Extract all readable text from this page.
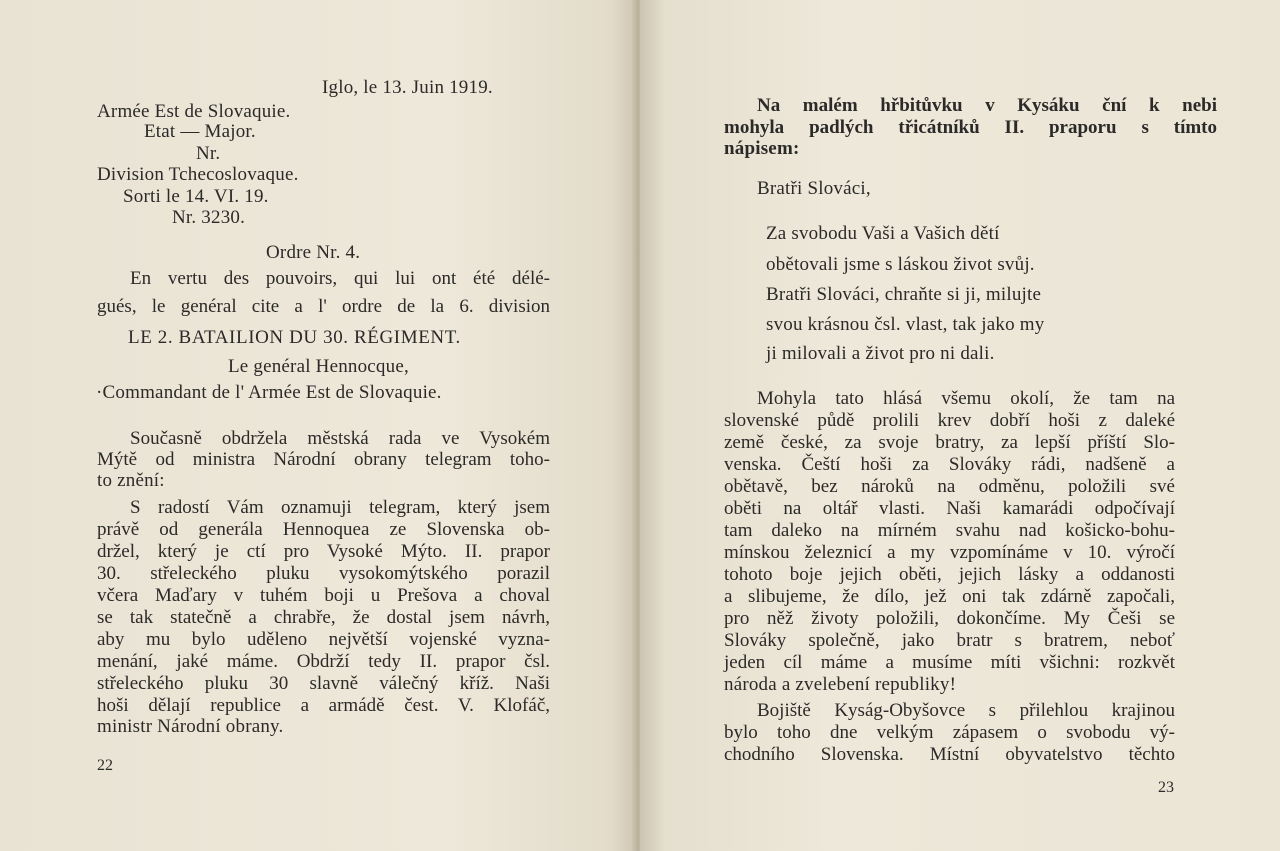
Iglo, le 13. Juin 1919.
Armée Est de Slovaquie.
Etat — Major.
Nr.
Division Tchecoslovaque.
Sorti le 14. VI. 19.
Nr. 3230.
Ordre Nr. 4.
En vertu des pouvoirs, qui lui ont été délé-
gués, le genéral cite a l' ordre de la 6. division
LE 2. BATAILION DU 30. RÉGIMENT.
Le genéral Hennocque,
·Commandant de l' Armée Est de Slovaquie.
Současně obdržela městská rada ve Vysokém
Mýtě od ministra Národní obrany telegram toho-
to znění:
S radostí Vám oznamuji telegram, který jsem
právě od generála Hennoquea ze Slovenska ob-
držel, který je ctí pro Vysoké Mýto. II. prapor
30. střeleckého pluku vysokomýtského porazil
včera Maďary v tuhém boji u Prešova a choval
se tak statečně a chrabře, že dostal jsem návrh,
aby mu bylo uděleno největší vojenské vyzna-
menání, jaké máme. Obdrží tedy II. prapor čsl.
střeleckého pluku 30 slavně válečný kříž. Naši
hoši dělají republice a armádě čest. V. Klofáč,
ministr Národní obrany.
22
Na malém hřbitůvku v Kysáku ční k nebi
mohyla padlých třicátníků II. praporu s tímto
nápisem:
Bratři Slováci,
Za svobodu Vaši a Vašich dětí
obětovali jsme s láskou život svůj.
Bratři Slováci, chraňte si ji, milujte
svou krásnou čsl. vlast, tak jako my
ji milovali a život pro ni dali.
Mohyla tato hlásá všemu okolí, že tam na
slovenské půdě prolili krev dobří hoši z daleké
země české, za svoje bratry, za lepší příští Slo-
venska. Čeští hoši za Slováky rádi, nadšeně a
obětavě, bez nároků na odměnu, položili své
oběti na oltář vlasti. Naši kamarádi odpočívají
tam daleko na mírném svahu nad košicko-bohu-
mínskou železnicí a my vzpomínáme v 10. výročí
tohoto boje jejich oběti, jejich lásky a oddanosti
a slibujeme, že dílo, jež oni tak zdárně započali,
pro něž životy položili, dokončíme. My Češi se
Slováky společně, jako bratr s bratrem, neboť
jeden cíl máme a musíme míti všichni: rozkvět
národa a zvelebení republiky!
Bojiště Kyság-Obyšovce s přilehlou krajinou
bylo toho dne velkým zápasem o svobodu vý-
chodního Slovenska. Místní obyvatelstvo těchto
23
